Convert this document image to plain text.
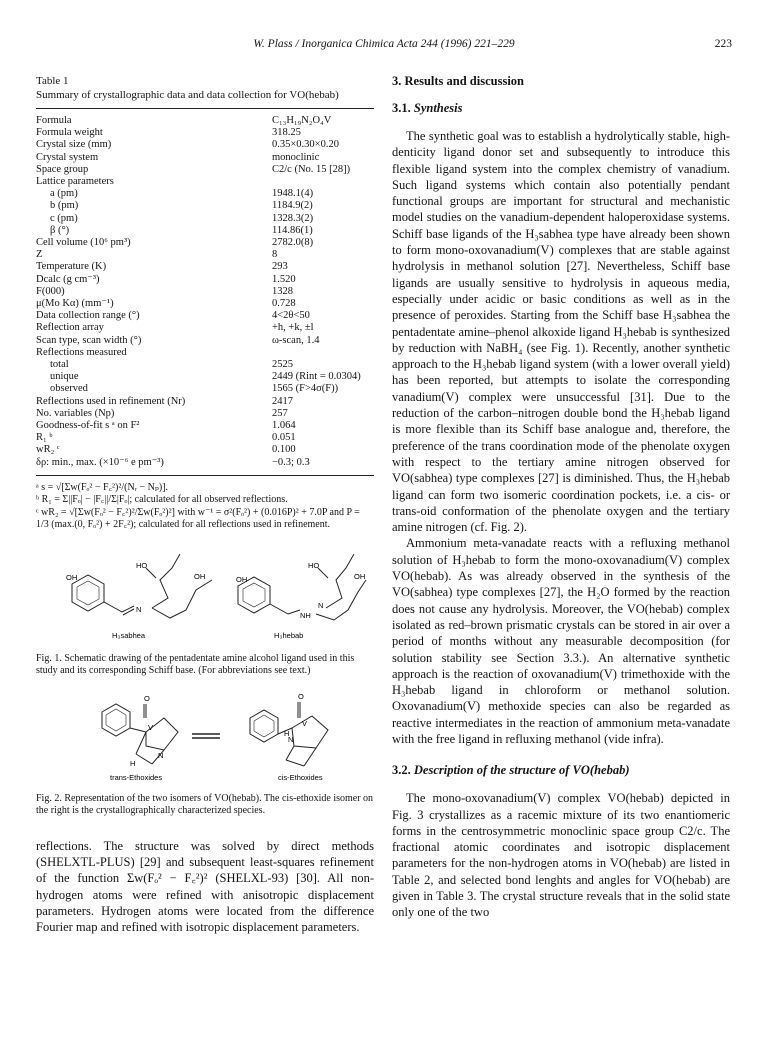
W. Plass / Inorganica Chimica Acta 244 (1996) 221–229	223
Table 1
Summary of crystallographic data and data collection for VO(hebab)
Formula	C₁₃H₁₉N₂O₄V
Formula weight	318.25
Crystal size (mm)	0.35×0.30×0.20
Crystal system	monoclinic
Space group	C2/c (No. 15 [28])
Lattice parameters	
a (pm)	1948.1(4)
b (pm)	1184.9(2)
c (pm)	1328.3(2)
β (°)	114.86(1)
Cell volume (10⁶ pm³)	2782.0(8)
Z	8
Temperature (K)	293
Dcalc (g cm⁻³)	1.520
F(000)	1328
μ(Mo Kα) (mm⁻¹)	0.728
Data collection range (°)	4<2θ<50
Reflection array	+h, +k, ±l
Scan type, scan width (°)	ω-scan, 1.4
Reflections measured	
total	2525
unique	2449 (Rint = 0.0304)
observed	1565 (F>4σ(F))
Reflections used in refinement (Nr)	2417
No. variables (Np)	257
Goodness-of-fit s ᵃ on F²	1.064
R₁ ᵇ	0.051
wR₂ ᶜ	0.100
δρ: min., max. (×10⁻⁶ e pm⁻³)	−0.3; 0.3

ᵃ s = √[Σw(Fₒ² − F꜀²)²/(Nᵣ − Nₚ)].

ᵇ R₁ = Σ||Fₒ| − |F꜀||/Σ|Fₒ|; calculated for all observed reflections.

ᶜ wR₂ = √[Σw(Fₒ² − F꜀²)²/Σw(Fₒ²)²] with w⁻¹ = σ²(Fₒ²) + (0.016P)² + 7.0P and P = 1/3 (max.(0, Fₒ²) + 2F꜀²); calculated for all reflections used in refinement.

HO
OH
OH
N
H₃sabhea
HO
OH
OH
N
NH
H₃hebab
Fig. 1. Schematic drawing of the pentadentate amine alcohol ligand used in this study and its corresponding Schiff base. (For abbreviations see text.)
O
V
N
H
trans-Ethoxides
O
V
N
H
cis-Ethoxides
Fig. 2. Representation of the two isomers of VO(hebab). The cis-ethoxide isomer on the right is the crystallographically characterized species.

reflections. The structure was solved by direct methods (SHELXTL-PLUS) [29] and subsequent least-squares refinement of the function Σw(Fₒ² − F꜀²)² (SHELXL-93) [30]. All non-hydrogen atoms were refined with anisotropic displacement parameters. Hydrogen atoms were located from the difference Fourier map and refined with isotropic displacement parameters.

3. Results and discussion
3.1. Synthesis

The synthetic goal was to establish a hydrolytically stable, high-denticity ligand donor set and subsequently to introduce this flexible ligand system into the complex chemistry of vanadium. Such ligand systems which contain also potentially pendant functional groups are important for structural and mechanistic model studies on the vanadium-dependent haloperoxidase systems. Schiff base ligands of the H₃sabhea type have already been shown to form mono-oxovanadium(V) complexes that are stable against hydrolysis in methanol solution [27]. Nevertheless, Schiff base ligands are usually sensitive to hydrolysis in aqueous media, especially under acidic or basic conditions as well as in the presence of peroxides. Starting from the Schiff base H₃sabhea the pentadentate amine–phenol alkoxide ligand H₃hebab is synthesized by reduction with NaBH₄ (see Fig. 1). Recently, another synthetic approach to the H₃hebab ligand system (with a lower overall yield) has been reported, but attempts to isolate the corresponding vanadium(V) complex were unsuccessful [31]. Due to the reduction of the carbon–nitrogen double bond the H₃hebab ligand is more flexible than its Schiff base analogue and, therefore, the preference of the trans coordination mode of the phenolate oxygen with respect to the tertiary amine nitrogen observed for VO(sabhea) type complexes [27] is diminished. Thus, the H₃hebab ligand can form two isomeric coordination pockets, i.e. a cis- or trans-oid conformation of the phenolate oxygen and the tertiary amine nitrogen (cf. Fig. 2).

Ammonium meta-vanadate reacts with a refluxing methanol solution of H₃hebab to form the mono-oxovanadium(V) complex VO(hebab). As was already observed in the synthesis of the VO(sabhea) type complexes [27], the H₂O formed by the reaction does not cause any hydrolysis. Moreover, the VO(hebab) complex isolated as red–brown prismatic crystals can be stored in air over a period of months without any measurable decomposition (for solution stability see Section 3.3.). An alternative synthetic approach is the reaction of oxovanadium(V) trimethoxide with the H₃hebab ligand in chloroform or methanol solution. Oxovanadium(V) methoxide species can also be regarded as reactive intermediates in the reaction of ammonium meta-vanadate with the free ligand in refluxing methanol (vide infra).

3.2. Description of the structure of VO(hebab)

The mono-oxovanadium(V) complex VO(hebab) depicted in Fig. 3 crystallizes as a racemic mixture of its two enantiomeric forms in the centrosymmetric monoclinic space group C2/c. The fractional atomic coordinates and isotropic displacement parameters for the non-hydrogen atoms in VO(hebab) are listed in Table 2, and selected bond lenghts and angles for VO(hebab) are given in Table 3. The crystal structure reveals that in the solid state only one of the two
